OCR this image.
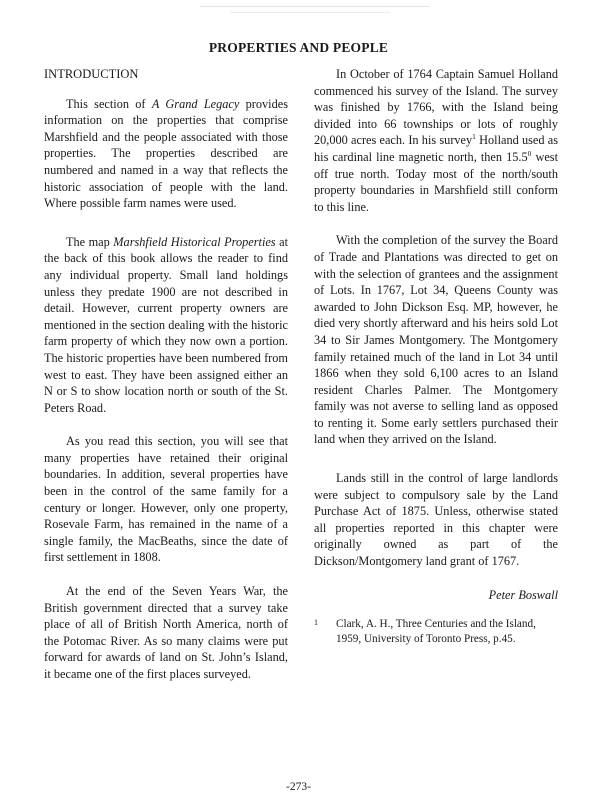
PROPERTIES AND PEOPLE
INTRODUCTION

This section of A Grand Legacy provides information on the properties that comprise Marshfield and the people associated with those properties. The properties described are numbered and named in a way that reflects the historic association of people with the land. Where possible farm names were used.

The map Marshfield Historical Properties at the back of this book allows the reader to find any individual property. Small land holdings unless they predate 1900 are not described in detail. However, current property owners are mentioned in the section dealing with the historic farm property of which they now own a portion. The historic properties have been numbered from west to east. They have been assigned either an N or S to show location north or south of the St. Peters Road.

As you read this section, you will see that many properties have retained their original boundaries. In addition, several properties have been in the control of the same family for a century or longer. However, only one property, Rosevale Farm, has remained in the name of a single family, the MacBeaths, since the date of first settlement in 1808.

At the end of the Seven Years War, the British government directed that a survey take place of all of British North America, north of the Potomac River. As so many claims were put forward for awards of land on St. John’s Island, it became one of the first places surveyed.

In October of 1764 Captain Samuel Holland commenced his survey of the Island. The survey was finished by 1766, with the Island being divided into 66 townships or lots of roughly 20,000 acres each. In his survey$^1$ Holland used as his cardinal line magnetic north, then 15.5$^0$ west off true north. Today most of the north/south property boundaries in Marshfield still conform to this line.

With the completion of the survey the Board of Trade and Plantations was directed to get on with the selection of grantees and the assignment of Lots. In 1767, Lot 34, Queens County was awarded to John Dickson Esq. MP, however, he died very shortly afterward and his heirs sold Lot 34 to Sir James Montgomery. The Montgomery family retained much of the land in Lot 34 until 1866 when they sold 6,100 acres to an Island resident Charles Palmer. The Montgomery family was not averse to selling land as opposed to renting it. Some early settlers purchased their land when they arrived on the Island.

Lands still in the control of large landlords were subject to compulsory sale by the Land Purchase Act of 1875. Unless, otherwise stated all properties reported in this chapter were originally owned as part of the Dickson/Montgomery land grant of 1767.

Peter Boswall
1	Clark, A. H., Three Centuries and the Island, 1959, University of Toronto Press, p.45.
-273-
